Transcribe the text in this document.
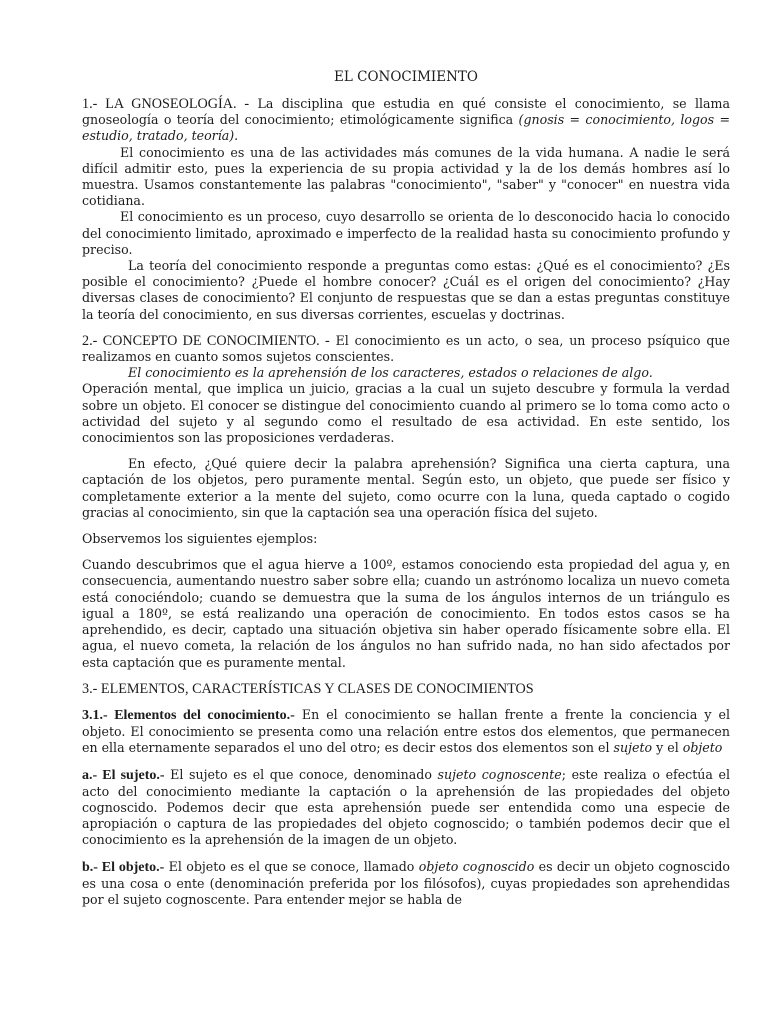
EL CONOCIMIENTO

1.- LA GNOSEOLOGÍA. - La disciplina que estudia en qué consiste el conocimiento, se llama gnoseología o teoría del conocimiento; etimológicamente significa (gnosis = conocimiento, logos = estudio, tratado, teoría).

El conocimiento es una de las actividades más comunes de la vida humana. A nadie le será difícil admitir esto, pues la experiencia de su propia actividad y la de los demás hombres así lo muestra. Usamos constantemente las palabras "conocimiento", "saber" y "conocer" en nuestra vida cotidiana.

El conocimiento es un proceso, cuyo desarrollo se orienta de lo desconocido hacia lo conocido del conocimiento limitado, aproximado e imperfecto de la realidad hasta su conocimiento profundo y preciso.

La teoría del conocimiento responde a preguntas como estas: ¿Qué es el conocimiento? ¿Es posible el conocimiento? ¿Puede el hombre conocer? ¿Cuál es el origen del conocimiento? ¿Hay diversas clases de conocimiento? El conjunto de respuestas que se dan a estas preguntas constituye la teoría del conocimiento, en sus diversas corrientes, escuelas y doctrinas.

2.- CONCEPTO DE CONOCIMIENTO. - El conocimiento es un acto, o sea, un proceso psíquico que realizamos en cuanto somos sujetos conscientes.

El conocimiento es la aprehensión de los caracteres, estados o relaciones de algo.

Operación mental, que implica un juicio, gracias a la cual un sujeto descubre y formula la verdad sobre un objeto. El conocer se distingue del conocimiento cuando al primero se lo toma como acto o actividad del sujeto y al segundo como el resultado de esa actividad. En este sentido, los conocimientos son las proposiciones verdaderas.

En efecto, ¿Qué quiere decir la palabra aprehensión? Significa una cierta captura, una captación de los objetos, pero puramente mental. Según esto, un objeto, que puede ser físico y completamente exterior a la mente del sujeto, como ocurre con la luna, queda captado o cogido gracias al conocimiento, sin que la captación sea una operación física del sujeto.

Observemos los siguientes ejemplos:

Cuando descubrimos que el agua hierve a 100º, estamos conociendo esta propiedad del agua y, en consecuencia, aumentando nuestro saber sobre ella; cuando un astrónomo localiza un nuevo cometa está conociéndolo; cuando se demuestra que la suma de los ángulos internos de un triángulo es igual a 180º, se está realizando una operación de conocimiento. En todos estos casos se ha aprehendido, es decir, captado una situación objetiva sin haber operado físicamente sobre ella. El agua, el nuevo cometa, la relación de los ángulos no han sufrido nada, no han sido afectados por esta captación que es puramente mental.

3.- ELEMENTOS, CARACTERÍSTICAS Y CLASES DE CONOCIMIENTOS

3.1.- Elementos del conocimiento.- En el conocimiento se hallan frente a frente la conciencia y el objeto. El conocimiento se presenta como una relación entre estos dos elementos, que permanecen en ella eternamente separados el uno del otro; es decir estos dos elementos son el sujeto y el objeto

a.- El sujeto.- El sujeto es el que conoce, denominado sujeto cognoscente; este realiza o efectúa el acto del conocimiento mediante la captación o la aprehensión de las propiedades del objeto cognoscido. Podemos decir que esta aprehensión puede ser entendida como una especie de apropiación o captura de las propiedades del objeto cognoscido; o también podemos decir que el conocimiento es la aprehensión de la imagen de un objeto.

b.- El objeto.- El objeto es el que se conoce, llamado objeto cognoscido es decir un objeto cognoscido es una cosa o ente (denominación preferida por los filósofos), cuyas propiedades son aprehendidas por el sujeto cognoscente. Para entender mejor se habla de
